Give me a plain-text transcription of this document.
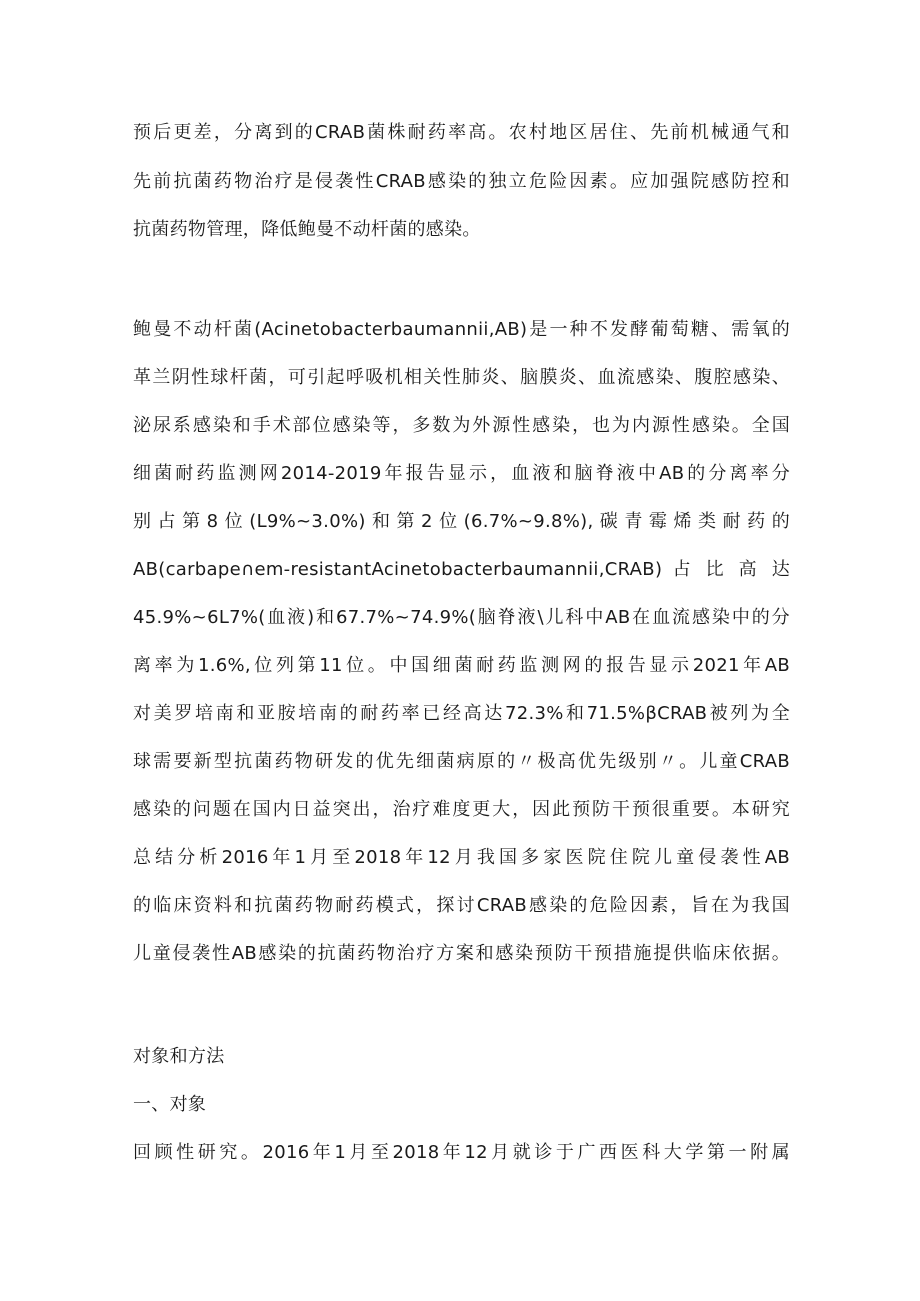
预后更差，分离到的CRAB菌株耐药率高。农村地区居住、先前机械通气和

先前抗菌药物治疗是侵袭性CRAB感染的独立危险因素。应加强院感防控和

抗菌药物管理，降低鲍曼不动杆菌的感染。

鲍曼不动杆菌(Acinetobacterbaumannii,AB)是一种不发酵葡萄糖、需氧的

革兰阴性球杆菌，可引起呼吸机相关性肺炎、脑膜炎、血流感染、腹腔感染、

泌尿系感染和手术部位感染等，多数为外源性感染，也为内源性感染。全国

细菌耐药监测网2014-2019年报告显示，血液和脑脊液中AB的分离率分

别占第8位(L9%~3.0%)和第2位(6.7%~9.8%),碳青霉烯类耐药的

AB(carbape∩em-resistantAcinetobacterbaumannii,CRAB) 占 比 高 达

45.9%~6L7%(血液)和67.7%~74.9%(脑脊液\儿科中AB在血流感染中的分

离率为1.6%,位列第11位。中国细菌耐药监测网的报告显示2021年AB

对美罗培南和亚胺培南的耐药率已经高达72.3%和71.5%βCRAB被列为全

球需要新型抗菌药物研发的优先细菌病原的〃极高优先级别〃。儿童CRAB

感染的问题在国内日益突出，治疗难度更大，因此预防干预很重要。本研究

总结分析2016年1月至2018年12月我国多家医院住院儿童侵袭性AB

的临床资料和抗菌药物耐药模式，探讨CRAB感染的危险因素，旨在为我国

儿童侵袭性AB感染的抗菌药物治疗方案和感染预防干预措施提供临床依据。

对象和方法

一、对象

回顾性研究。2016年1月至2018年12月就诊于广西医科大学第一附属
